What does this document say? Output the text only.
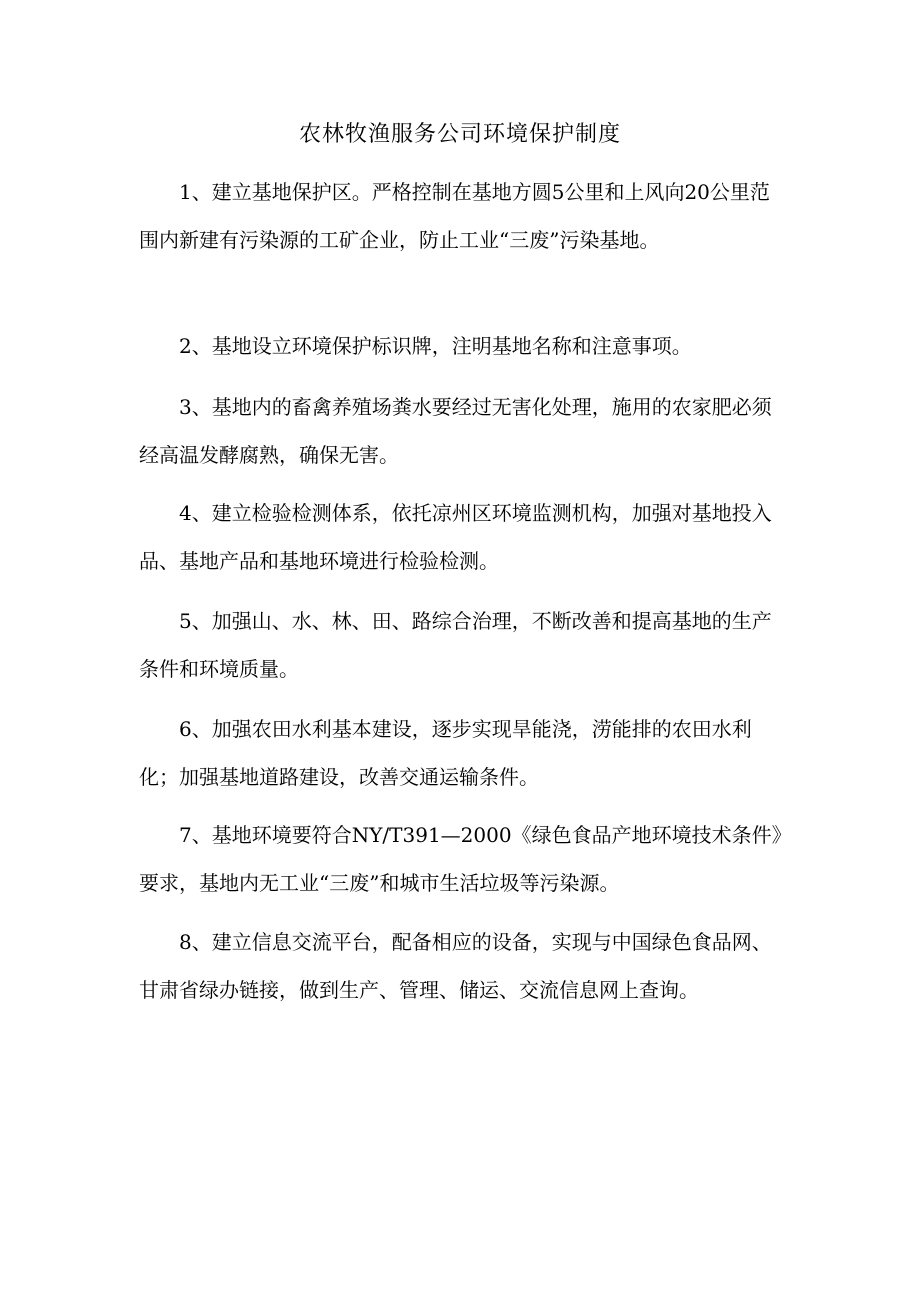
农林牧渔服务公司环境保护制度

1、建立基地保护区。严格控制在基地方圆5公里和上风向20公里范围内新建有污染源的工矿企业，防止工业“三废”污染基地。

2、基地设立环境保护标识牌，注明基地名称和注意事项。

3、基地内的畜禽养殖场粪水要经过无害化处理，施用的农家肥必须经高温发酵腐熟，确保无害。

4、建立检验检测体系，依托凉州区环境监测机构，加强对基地投入品、基地产品和基地环境进行检验检测。

5、加强山、水、林、田、路综合治理，不断改善和提高基地的生产条件和环境质量。

6、加强农田水利基本建设，逐步实现旱能浇，涝能排的农田水利化；加强基地道路建设，改善交通运输条件。

7、基地环境要符合NY/T391—2000《绿色食品产地环境技术条件》要求，基地内无工业“三废”和城市生活垃圾等污染源。

8、建立信息交流平台，配备相应的设备，实现与中国绿色食品网、甘肃省绿办链接，做到生产、管理、储运、交流信息网上查询。
